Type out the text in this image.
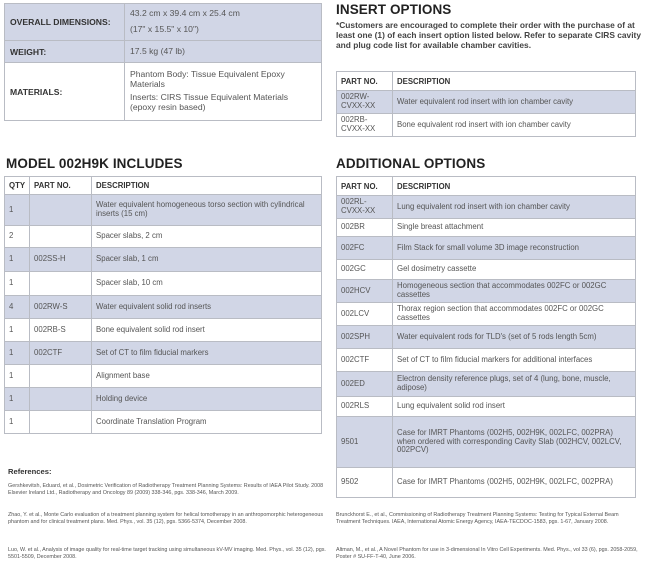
OVERALL DIMENSIONS:	43.2 cm x 39.4 cm x 25.4 cm
(17" x 15.5" x 10")

WEIGHT:	17.5 kg (47 lb)
MATERIALS:	Phantom Body: Tissue Equivalent Epoxy Materials
Inserts: CIRS Tissue Equivalent Materials (epoxy resin based)
MODEL 002H9K INCLUDES
QTY	PART NO.	DESCRIPTION
1		Water equivalent homogeneous torso section with cylindrical inserts (15 cm)
2		Spacer slabs, 2 cm
1	002SS-H	Spacer slab, 1 cm
1		Spacer slab, 10 cm
4	002RW-S	Water equivalent solid rod inserts
1	002RB-S	Bone equivalent solid rod insert
1	002CTF	Set of CT to film fiducial markers
1		Alignment base
1		Holding device
1		Coordinate Translation Program
INSERT OPTIONS
*Customers are encouraged to complete their order with the purchase of at least one (1) of each insert option listed below. Refer to separate CIRS cavity and plug code list for available chamber cavities.
PART NO.	DESCRIPTION
002RW-CVXX-XX	Water equivalent rod insert with ion chamber cavity
002RB-CVXX-XX	Bone equivalent rod insert with ion chamber cavity
ADDITIONAL OPTIONS
PART NO.	DESCRIPTION
002RL-CVXX-XX	Lung equivalent rod insert with ion chamber cavity
002BR	Single breast attachment
002FC	Film Stack for small volume 3D image reconstruction
002GC	Gel dosimetry cassette
002HCV	Homogeneous section that accommodates 002FC or 002GC cassettes
002LCV	Thorax region section that accommodates 002FC or 002GC cassettes
002SPH	Water equivalent rods for TLD's (set of 5 rods length 5cm)
002CTF	Set of CT to film fiducial markers for additional interfaces
002ED	Electron density reference plugs, set of 4 (lung, bone, muscle, adipose)
002RLS	Lung equivalent solid rod insert
9501	Case for IMRT Phantoms (002H5, 002H9K, 002LFC, 002PRA) when ordered with corresponding Cavity Slab (002HCV, 002LCV, 002PCV)
9502	Case for IMRT Phantoms (002H5, 002H9K, 002LFC, 002PRA)
References:
Gershkevitsh, Eduard, et al., Dosimetric Verification of Radiotherapy Treatment Planning Systems: Results of IAEA Pilot Study. 2008 Elsevier Ireland Ltd., Radiotherapy and Oncology 89 (2009) 338-346, pgs. 338-346, March 2009.
Zhao, Y. et al., Monte Carlo evaluation of a treatment planning system for helical tomotherapy in an anthropomorphic heterogeneous phantom and for clinical treatment plans. Med. Phys., vol. 35 (12), pgs. 5366-5374, December 2008.
Luo, W. et al., Analysis of image quality for real-time target tracking using simultaneous kV-MV imaging. Med. Phys., vol. 35 (12), pgs. 5501-5509, December 2008.
Brunckhorst E., et al., Commissioning of Radiotherapy Treatment Planning Systems: Testing for Typical External Beam Treatment Techniques. IAEA, International Atomic Energy Agency, IAEA-TECDOC-1583, pgs. 1-67, January 2008.
Altman, M., et al., A Novel Phantom for use in 3-dimensional In Vitro Cell Experiments. Med. Phys., vol 33 (6), pgs. 2058-2059, Poster # SU-FF-T-40, June 2006.
